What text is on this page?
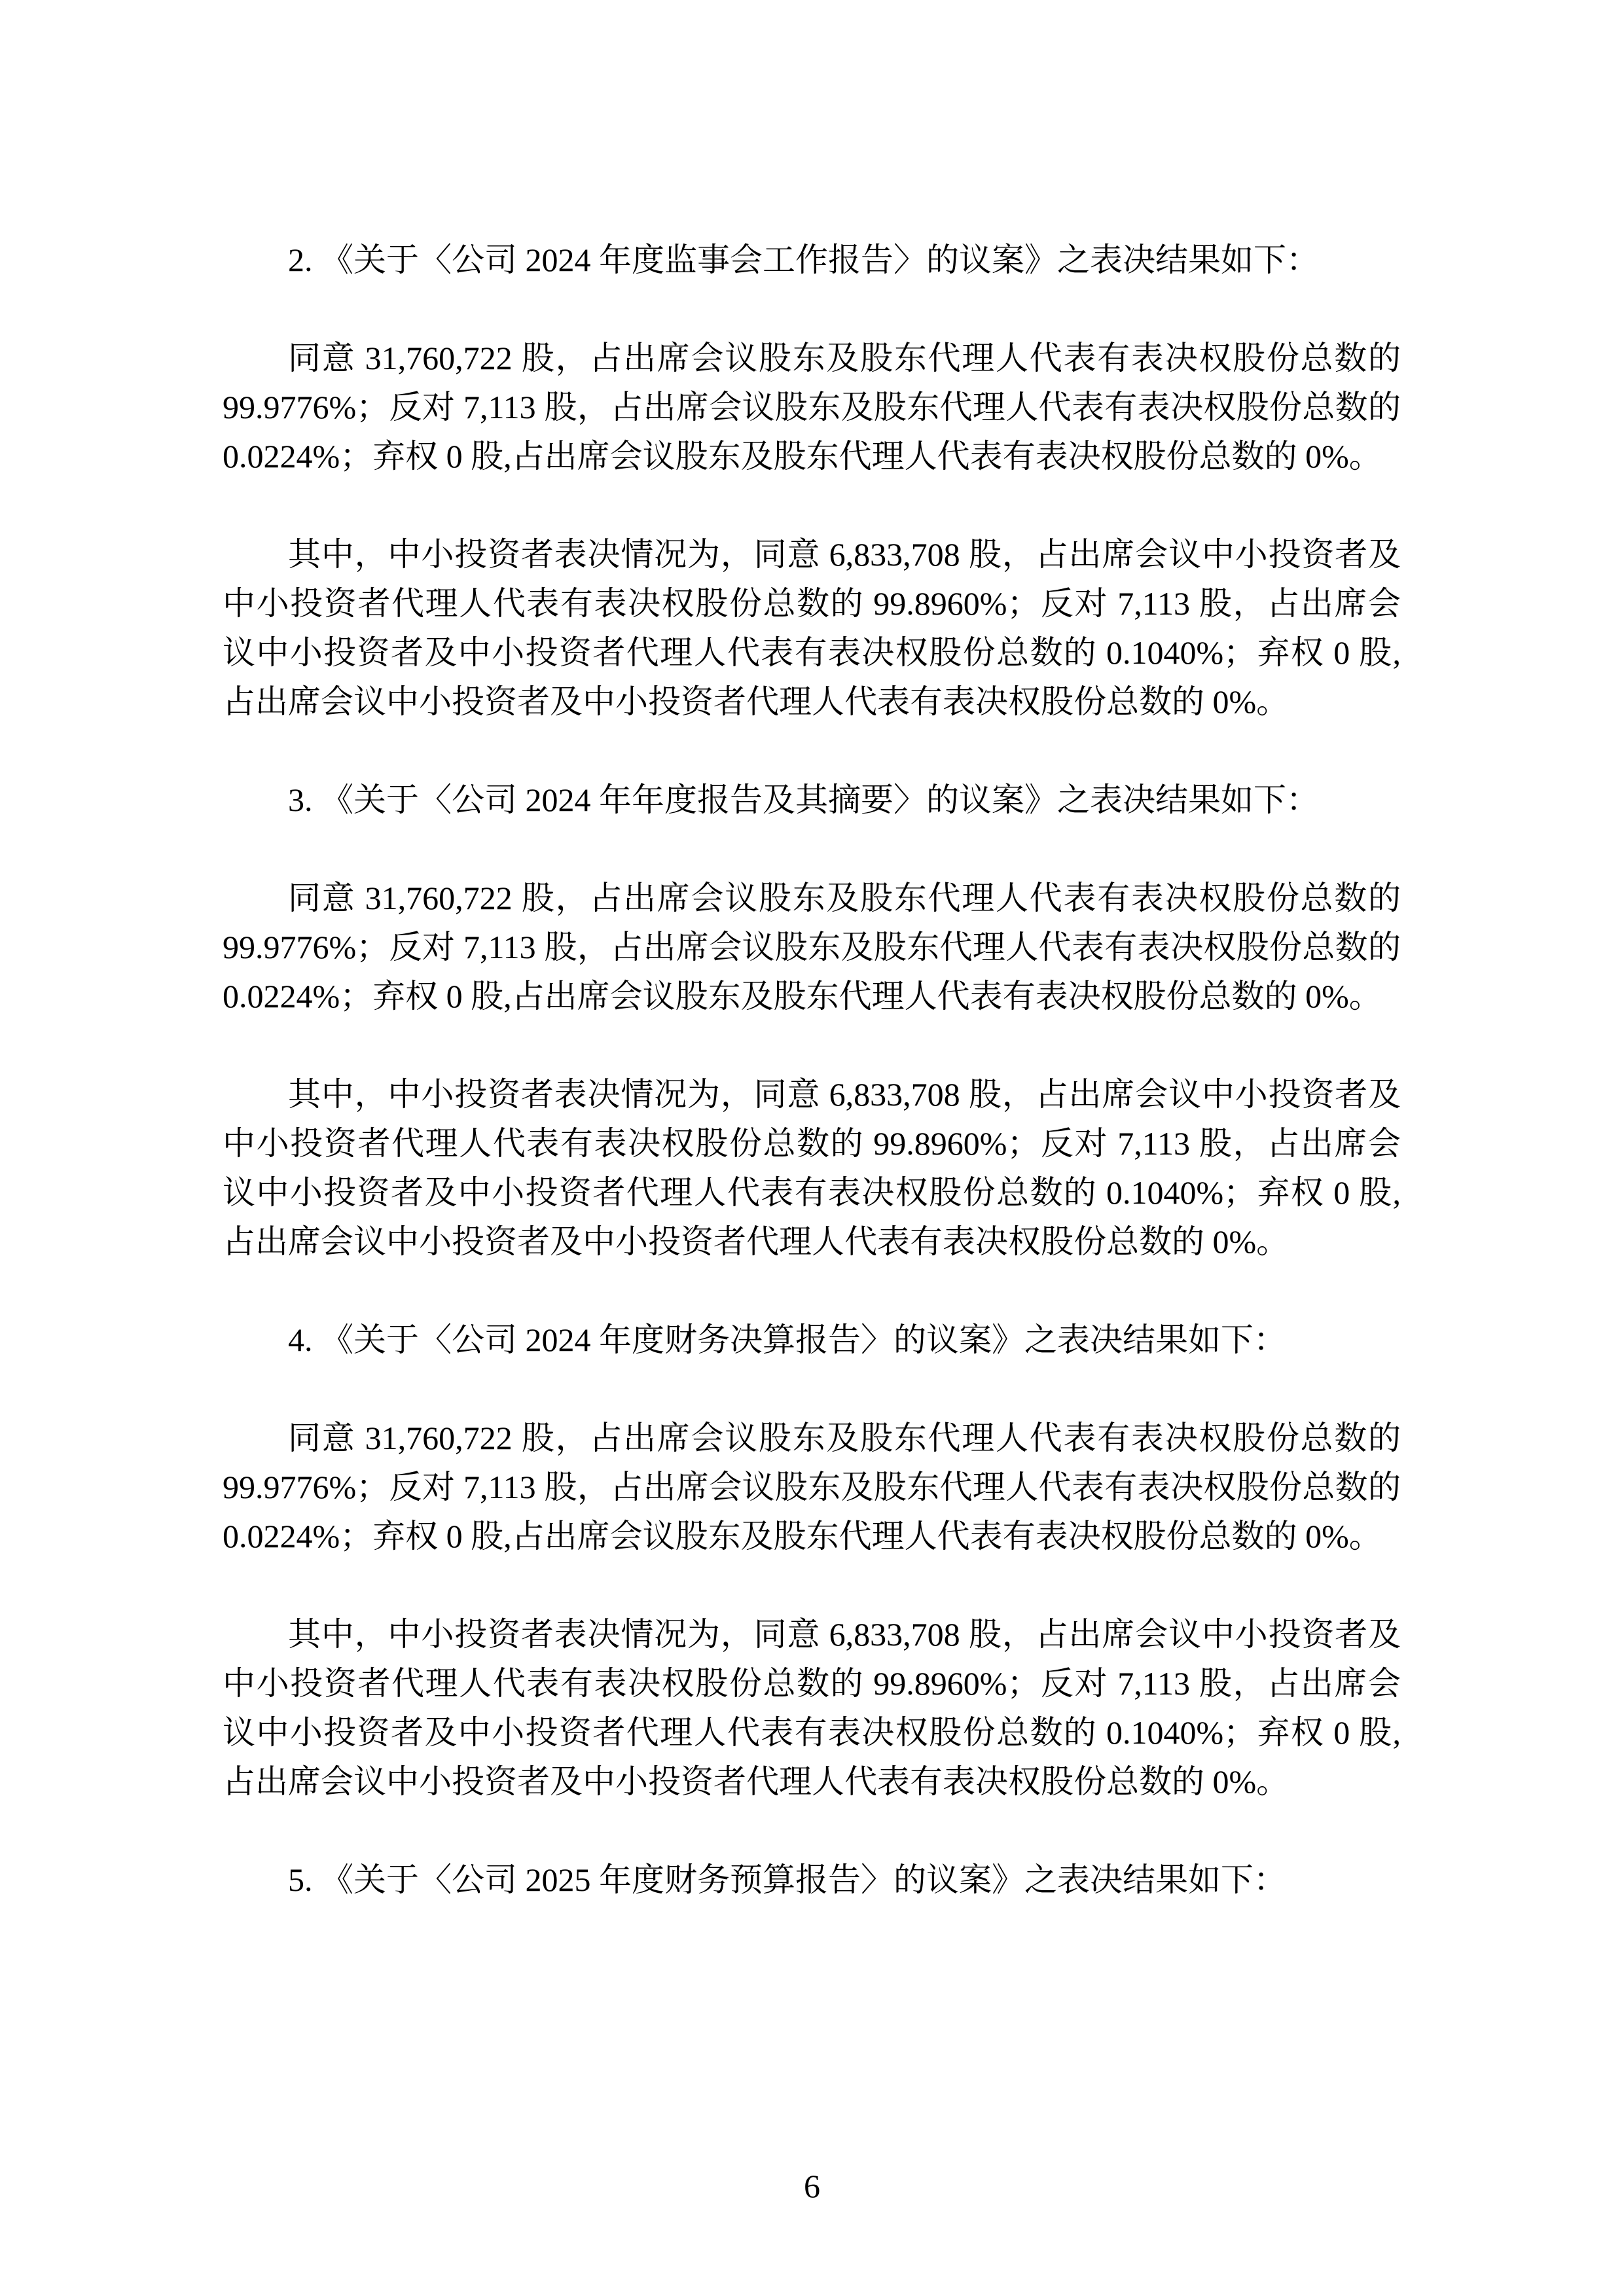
2. 《关于〈公司 2024 年度监事会工作报告〉的议案》之表决结果如下：
同意 31,760,722 股，占出席会议股东及股东代理人代表有表决权股份总数的
99.9776%；反对 7,113 股，占出席会议股东及股东代理人代表有表决权股份总数的
0.0224%；弃权 0 股,占出席会议股东及股东代理人代表有表决权股份总数的 0%。
其中，中小投资者表决情况为，同意 6,833,708 股，占出席会议中小投资者及
中小投资者代理人代表有表决权股份总数的 99.8960%；反对 7,113 股，占出席会
议中小投资者及中小投资者代理人代表有表决权股份总数的 0.1040%；弃权 0 股,
占出席会议中小投资者及中小投资者代理人代表有表决权股份总数的 0%。
3. 《关于〈公司 2024 年年度报告及其摘要〉的议案》之表决结果如下：
同意 31,760,722 股，占出席会议股东及股东代理人代表有表决权股份总数的
99.9776%；反对 7,113 股，占出席会议股东及股东代理人代表有表决权股份总数的
0.0224%；弃权 0 股,占出席会议股东及股东代理人代表有表决权股份总数的 0%。
其中，中小投资者表决情况为，同意 6,833,708 股，占出席会议中小投资者及
中小投资者代理人代表有表决权股份总数的 99.8960%；反对 7,113 股，占出席会
议中小投资者及中小投资者代理人代表有表决权股份总数的 0.1040%；弃权 0 股,
占出席会议中小投资者及中小投资者代理人代表有表决权股份总数的 0%。
4. 《关于〈公司 2024 年度财务决算报告〉的议案》之表决结果如下：
同意 31,760,722 股，占出席会议股东及股东代理人代表有表决权股份总数的
99.9776%；反对 7,113 股，占出席会议股东及股东代理人代表有表决权股份总数的
0.0224%；弃权 0 股,占出席会议股东及股东代理人代表有表决权股份总数的 0%。
其中，中小投资者表决情况为，同意 6,833,708 股，占出席会议中小投资者及
中小投资者代理人代表有表决权股份总数的 99.8960%；反对 7,113 股，占出席会
议中小投资者及中小投资者代理人代表有表决权股份总数的 0.1040%；弃权 0 股,
占出席会议中小投资者及中小投资者代理人代表有表决权股份总数的 0%。
5. 《关于〈公司 2025 年度财务预算报告〉的议案》之表决结果如下：
6
